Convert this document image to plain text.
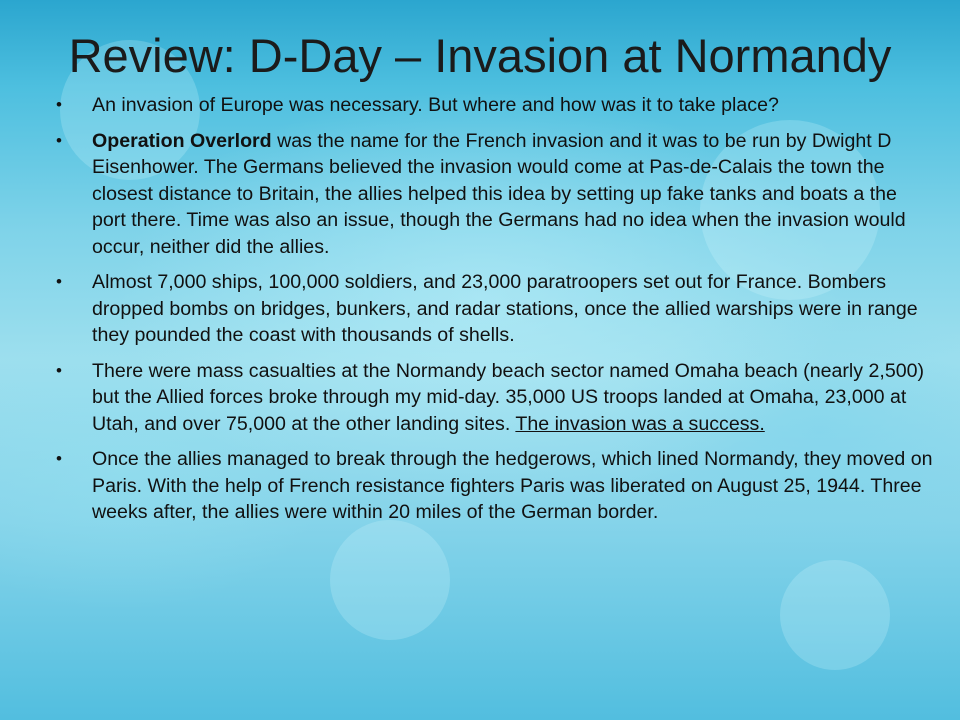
Review: D-Day – Invasion at Normandy
• An invasion of Europe was necessary. But where and how was it to take place?
• Operation Overlord was the name for the French invasion and it was to be run by Dwight D Eisenhower. The Germans believed the invasion would come at Pas-de-Calais the town the closest distance to Britain, the allies helped this idea by setting up fake tanks and boats a the port there. Time was also an issue, though the Germans had no idea when the invasion would occur, neither did the allies.
• Almost 7,000 ships, 100,000 soldiers, and 23,000 paratroopers set out for France. Bombers dropped bombs on bridges, bunkers, and radar stations, once the allied warships were in range they pounded the coast with thousands of shells.
• There were mass casualties at the Normandy beach sector named Omaha beach (nearly 2,500) but the Allied forces broke through my mid-day. 35,000 US troops landed at Omaha, 23,000 at Utah, and over 75,000 at the other landing sites. The invasion was a success.
• Once the allies managed to break through the hedgerows, which lined Normandy, they moved on Paris. With the help of French resistance fighters Paris was liberated on August 25, 1944. Three weeks after, the allies were within 20 miles of the German border.
